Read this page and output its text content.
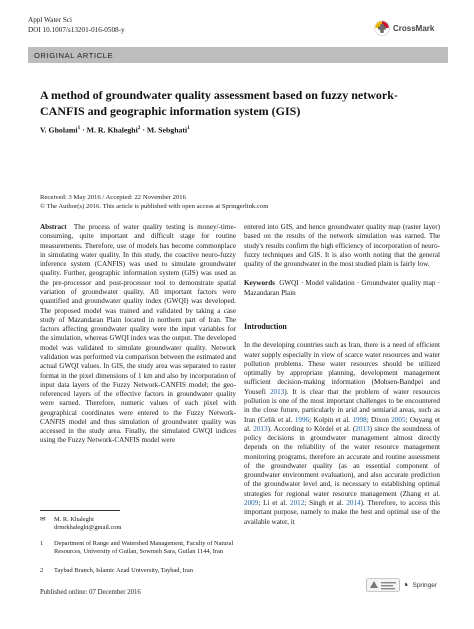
Appl Water Sci
DOI 10.1007/s13201-016-0508-y	CrossMark
ORIGINAL ARTICLE
A method of groundwater quality assessment based on fuzzy network-CANFIS and geographic information system (GIS)
V. Gholami$^1$ · M. R. Khaleghi$^2$ · M. Sebghati$^1$
Received: 3 May 2016 / Accepted: 22 November 2016
© The Author(s) 2016. This article is published with open access at Springerlink.com

Abstract The process of water quality testing is money/-time-consuming, quite important and difficult stage for routine measurements. Therefore, use of models has become commonplace in simulating water quality. In this study, the coactive neuro-fuzzy inference system (CANFIS) was used to simulate groundwater quality. Further, geographic information system (GIS) was used as the pre-processor and post-processor tool to demonstrate spatial variation of groundwater quality. All important factors were quantified and groundwater quality index (GWQI) was developed. The proposed model was trained and validated by taking a case study of Mazandaran Plain located in northern part of Iran. The factors affecting groundwater quality were the input variables for the simulation, whereas GWQI index was the output. The developed model was validated to simulate groundwater quality. Network validation was performed via comparison between the estimated and actual GWQI values. In GIS, the study area was separated to raster format in the pixel dimensions of 1 km and also by incorporation of input data layers of the Fuzzy Network-CANFIS model; the geo-referenced layers of the effective factors in groundwater quality were earned. Therefore, numeric values of each pixel with geographical coordinates were entered to the Fuzzy Network-CANFIS model and thus simulation of groundwater quality was accessed in the study area. Finally, the simulated GWQI indices using the Fuzzy Network-CANFIS model were

entered into GIS, and hence groundwater quality map (raster layer) based on the results of the network simulation was earned. The study's results confirm the high efficiency of incorporation of neuro-fuzzy techniques and GIS. It is also worth noting that the general quality of the groundwater in the most studied plain is fairly low.

Keywords GWQI · Model validation · Groundwater quality map · Mazandaran Plain

Introduction

In the developing countries such as Iran, there is a need of efficient water supply especially in view of scarce water resources and water pollution problems. These water resources should be utilized optimally by appropriate planning, development management sufficient decision-making information (Mohsen-Bandpei and Yousefi 2013). It is clear that the problem of water resources pollution is one of the most important challenges to be encountered in the close future, particularly in arid and semiarid areas, such as Iran (Celik et al. 1996; Kolpin et al. 1998; Dixon 2005; Ouyang et al. 2013). According to Kördel et al. (2013) since the soundness of policy decisions in groundwater management almost directly depends on the reliability of the water resource management monitoring programs, therefore an accurate and routine assessment of the groundwater quality (as an essential component of groundwater environment evaluation), and also accurate prediction of the groundwater level and, is necessary to establishing optimal strategies for regional water resource management (Zhang et al. 2009; Li et al. 2012; Singh et al. 2014). Therefore, to access this important purpose, namely to make the best and optimal use of the available water, it

✉ M. R. Khaleghi
drmrkhaleghi@gmail.com
1 Department of Range and Watershed Management, Faculty of Natural Resources, University of Guilan, Sowmeh Sara, Guilan 1144, Iran
2 Taybad Branch, Islamic Azad University, Taybad, Iran
Published online: 07 December 2016
♞ Springer
